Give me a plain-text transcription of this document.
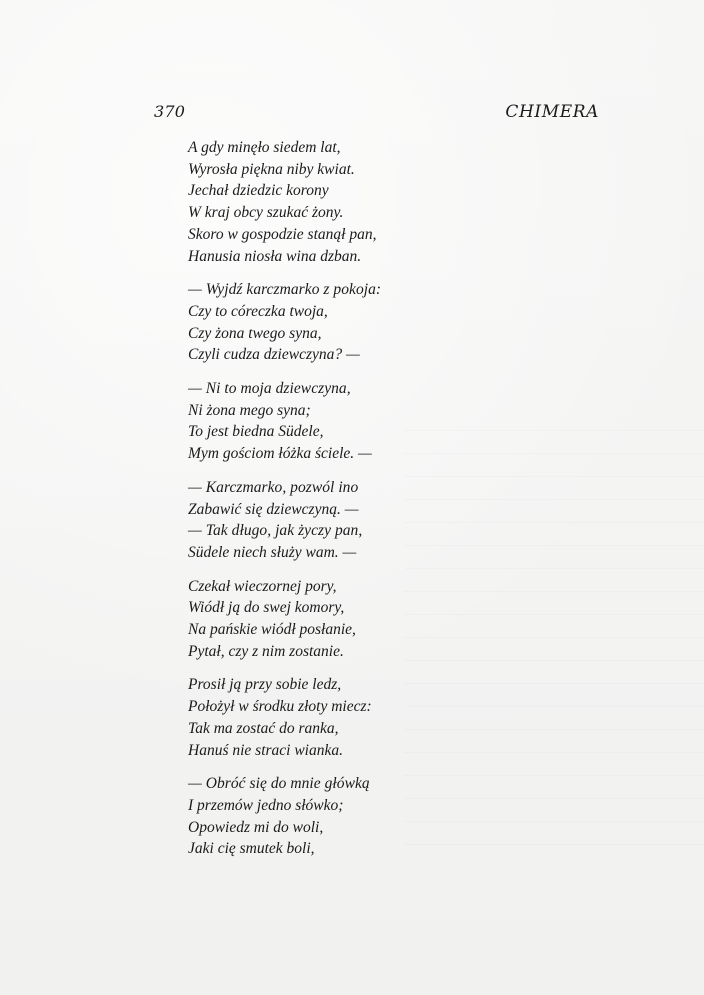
370	CHIMERA
A gdy minęło siedem lat,
Wyrosła piękna niby kwiat.
Jechał dziedzic korony
W kraj obcy szukać żony.
Skoro w gospodzie stanął pan,
Hanusia niosła wina dzban.
— Wyjdź karczmarko z pokoja:
Czy to córeczka twoja,
Czy żona twego syna,
Czyli cudza dziewczyna? —
— Ni to moja dziewczyna,
Ni żona mego syna;
To jest biedna Südele,
Mym gościom łóżka ściele. —
— Karczmarko, pozwól ino
Zabawić się dziewczyną. —
— Tak długo, jak życzy pan,
Südele niech służy wam. —
Czekał wieczornej pory,
Wiódł ją do swej komory,
Na pańskie wiódł posłanie,
Pytał, czy z nim zostanie.
Prosił ją przy sobie ledz,
Położył w środku złoty miecz:
Tak ma zostać do ranka,
Hanuś nie straci wianka.
— Obróć się do mnie główką
I przemów jedno słówko;
Opowiedz mi do woli,
Jaki cię smutek boli,
